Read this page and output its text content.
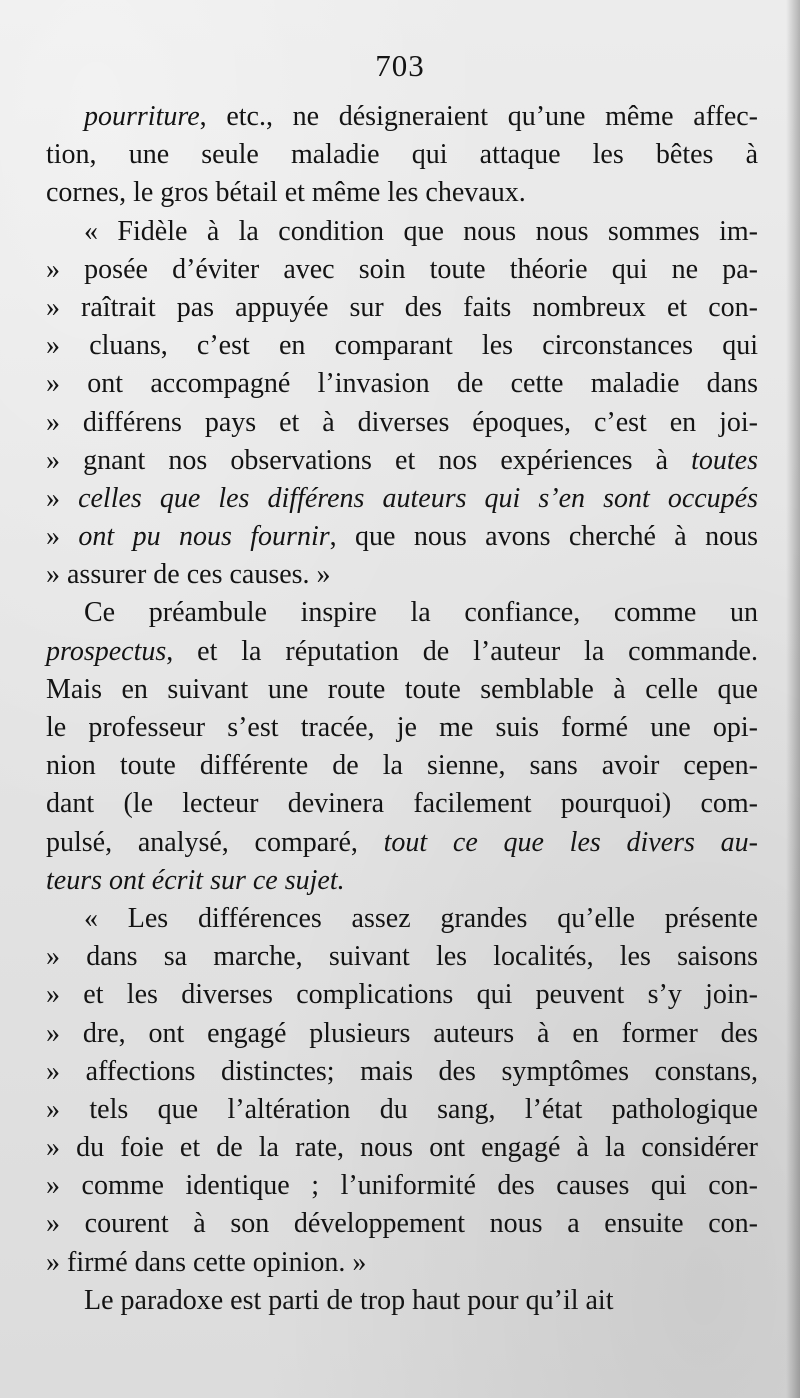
703
pourriture, etc., ne désigneraient qu’une même affec-
tion, une seule maladie qui attaque les bêtes à
cornes, le gros bétail et même les chevaux.
« Fidèle à la condition que nous nous sommes im-
» posée d’éviter avec soin toute théorie qui ne pa-
» raîtrait pas appuyée sur des faits nombreux et con-
» cluans, c’est en comparant les circonstances qui
» ont accompagné l’invasion de cette maladie dans
» différens pays et à diverses époques, c’est en joi-
» gnant nos observations et nos expériences à toutes
» celles que les différens auteurs qui s’en sont occupés
» ont pu nous fournir, que nous avons cherché à nous
» assurer de ces causes. »
Ce préambule inspire la confiance, comme un
prospectus, et la réputation de l’auteur la commande.
Mais en suivant une route toute semblable à celle que
le professeur s’est tracée, je me suis formé une opi-
nion toute différente de la sienne, sans avoir cepen-
dant (le lecteur devinera facilement pourquoi) com-
pulsé, analysé, comparé, tout ce que les divers au-
teurs ont écrit sur ce sujet.
« Les différences assez grandes qu’elle présente
» dans sa marche, suivant les localités, les saisons
» et les diverses complications qui peuvent s’y join-
» dre, ont engagé plusieurs auteurs à en former des
» affections distinctes; mais des symptômes constans,
» tels que l’altération du sang, l’état pathologique
» du foie et de la rate, nous ont engagé à la considérer
» comme identique ; l’uniformité des causes qui con-
» courent à son développement nous a ensuite con-
» firmé dans cette opinion. »
Le paradoxe est parti de trop haut pour qu’il ait
